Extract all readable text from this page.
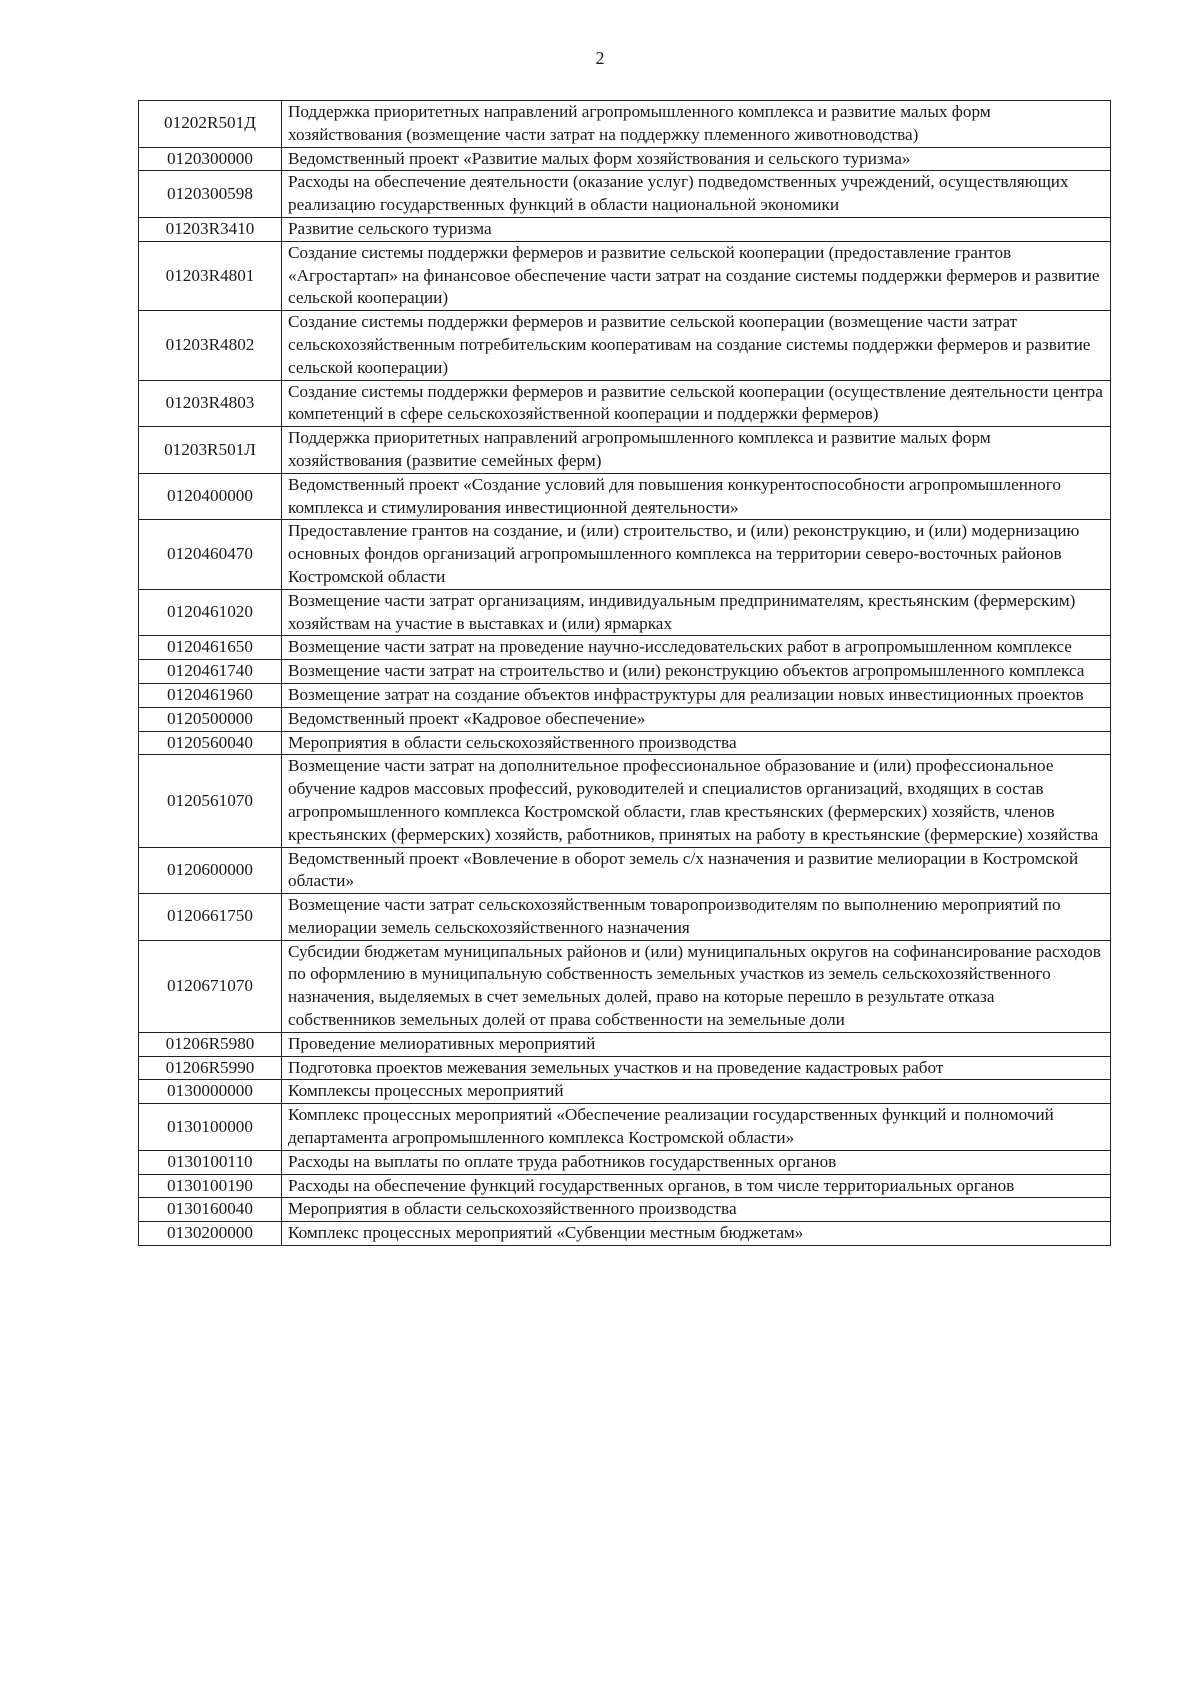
2
01202R501Д	Поддержка приоритетных направлений агропромышленного комплекса и развитие малых форм хозяйствования (возмещение части затрат на поддержку племенного животноводства)
0120300000	Ведомственный проект «Развитие малых форм хозяйствования и сельского туризма»
0120300598	Расходы на обеспечение деятельности (оказание услуг) подведомственных учреждений, осуществляющих реализацию государственных функций в области национальной экономики
01203R3410	Развитие сельского туризма
01203R4801	Создание системы поддержки фермеров и развитие сельской кооперации (предоставление грантов «Агростартап» на финансовое обеспечение части затрат на создание системы поддержки фермеров и развитие сельской кооперации)
01203R4802	Создание системы поддержки фермеров и развитие сельской кооперации (возмещение части затрат сельскохозяйственным потребительским кооперативам на создание системы поддержки фермеров и развитие сельской кооперации)
01203R4803	Создание системы поддержки фермеров и развитие сельской кооперации (осуществление деятельности центра компетенций в сфере сельскохозяйственной кооперации и поддержки фермеров)
01203R501Л	Поддержка приоритетных направлений агропромышленного комплекса и развитие малых форм хозяйствования (развитие семейных ферм)
0120400000	Ведомственный проект «Создание условий для повышения конкурентоспособности агропромышленного комплекса и стимулирования инвестиционной деятельности»
0120460470	Предоставление грантов на создание, и (или) строительство, и (или) реконструкцию, и (или) модернизацию основных фондов организаций агропромышленного комплекса на территории северо-восточных районов Костромской области
0120461020	Возмещение части затрат организациям, индивидуальным предпринимателям, крестьянским (фермерским) хозяйствам на участие в выставках и (или) ярмарках
0120461650	Возмещение части затрат на проведение научно-исследовательских работ в агропромышленном комплексе
0120461740	Возмещение части затрат на строительство и (или) реконструкцию объектов агропромышленного комплекса
0120461960	Возмещение затрат на создание объектов инфраструктуры для реализации новых инвестиционных проектов
0120500000	Ведомственный проект «Кадровое обеспечение»
0120560040	Мероприятия в области сельскохозяйственного производства
0120561070	Возмещение части затрат на дополнительное профессиональное образование и (или) профессиональное обучение кадров массовых профессий, руководителей и специалистов организаций, входящих в состав агропромышленного комплекса Костромской области, глав крестьянских (фермерских) хозяйств, членов крестьянских (фермерских) хозяйств, работников, принятых на работу в крестьянские (фермерские) хозяйства
0120600000	Ведомственный проект «Вовлечение в оборот земель с/х назначения и развитие мелиорации в Костромской области»
0120661750	Возмещение части затрат сельскохозяйственным товаропроизводителям по выполнению мероприятий по мелиорации земель сельскохозяйственного назначения
0120671070	Субсидии бюджетам муниципальных районов и (или) муниципальных округов на софинансирование расходов по оформлению в муниципальную собственность земельных участков из земель сельскохозяйственного назначения, выделяемых в счет земельных долей, право на которые перешло в результате отказа собственников земельных долей от права собственности на земельные доли
01206R5980	Проведение мелиоративных мероприятий
01206R5990	Подготовка проектов межевания земельных участков и на проведение кадастровых работ
0130000000	Комплексы процессных мероприятий
0130100000	Комплекс процессных мероприятий «Обеспечение реализации государственных функций и полномочий департамента агропромышленного комплекса Костромской области»
0130100110	Расходы на выплаты по оплате труда работников государственных органов
0130100190	Расходы на обеспечение функций государственных органов, в том числе территориальных органов
0130160040	Мероприятия в области сельскохозяйственного производства
0130200000	Комплекс процессных мероприятий «Субвенции местным бюджетам»
